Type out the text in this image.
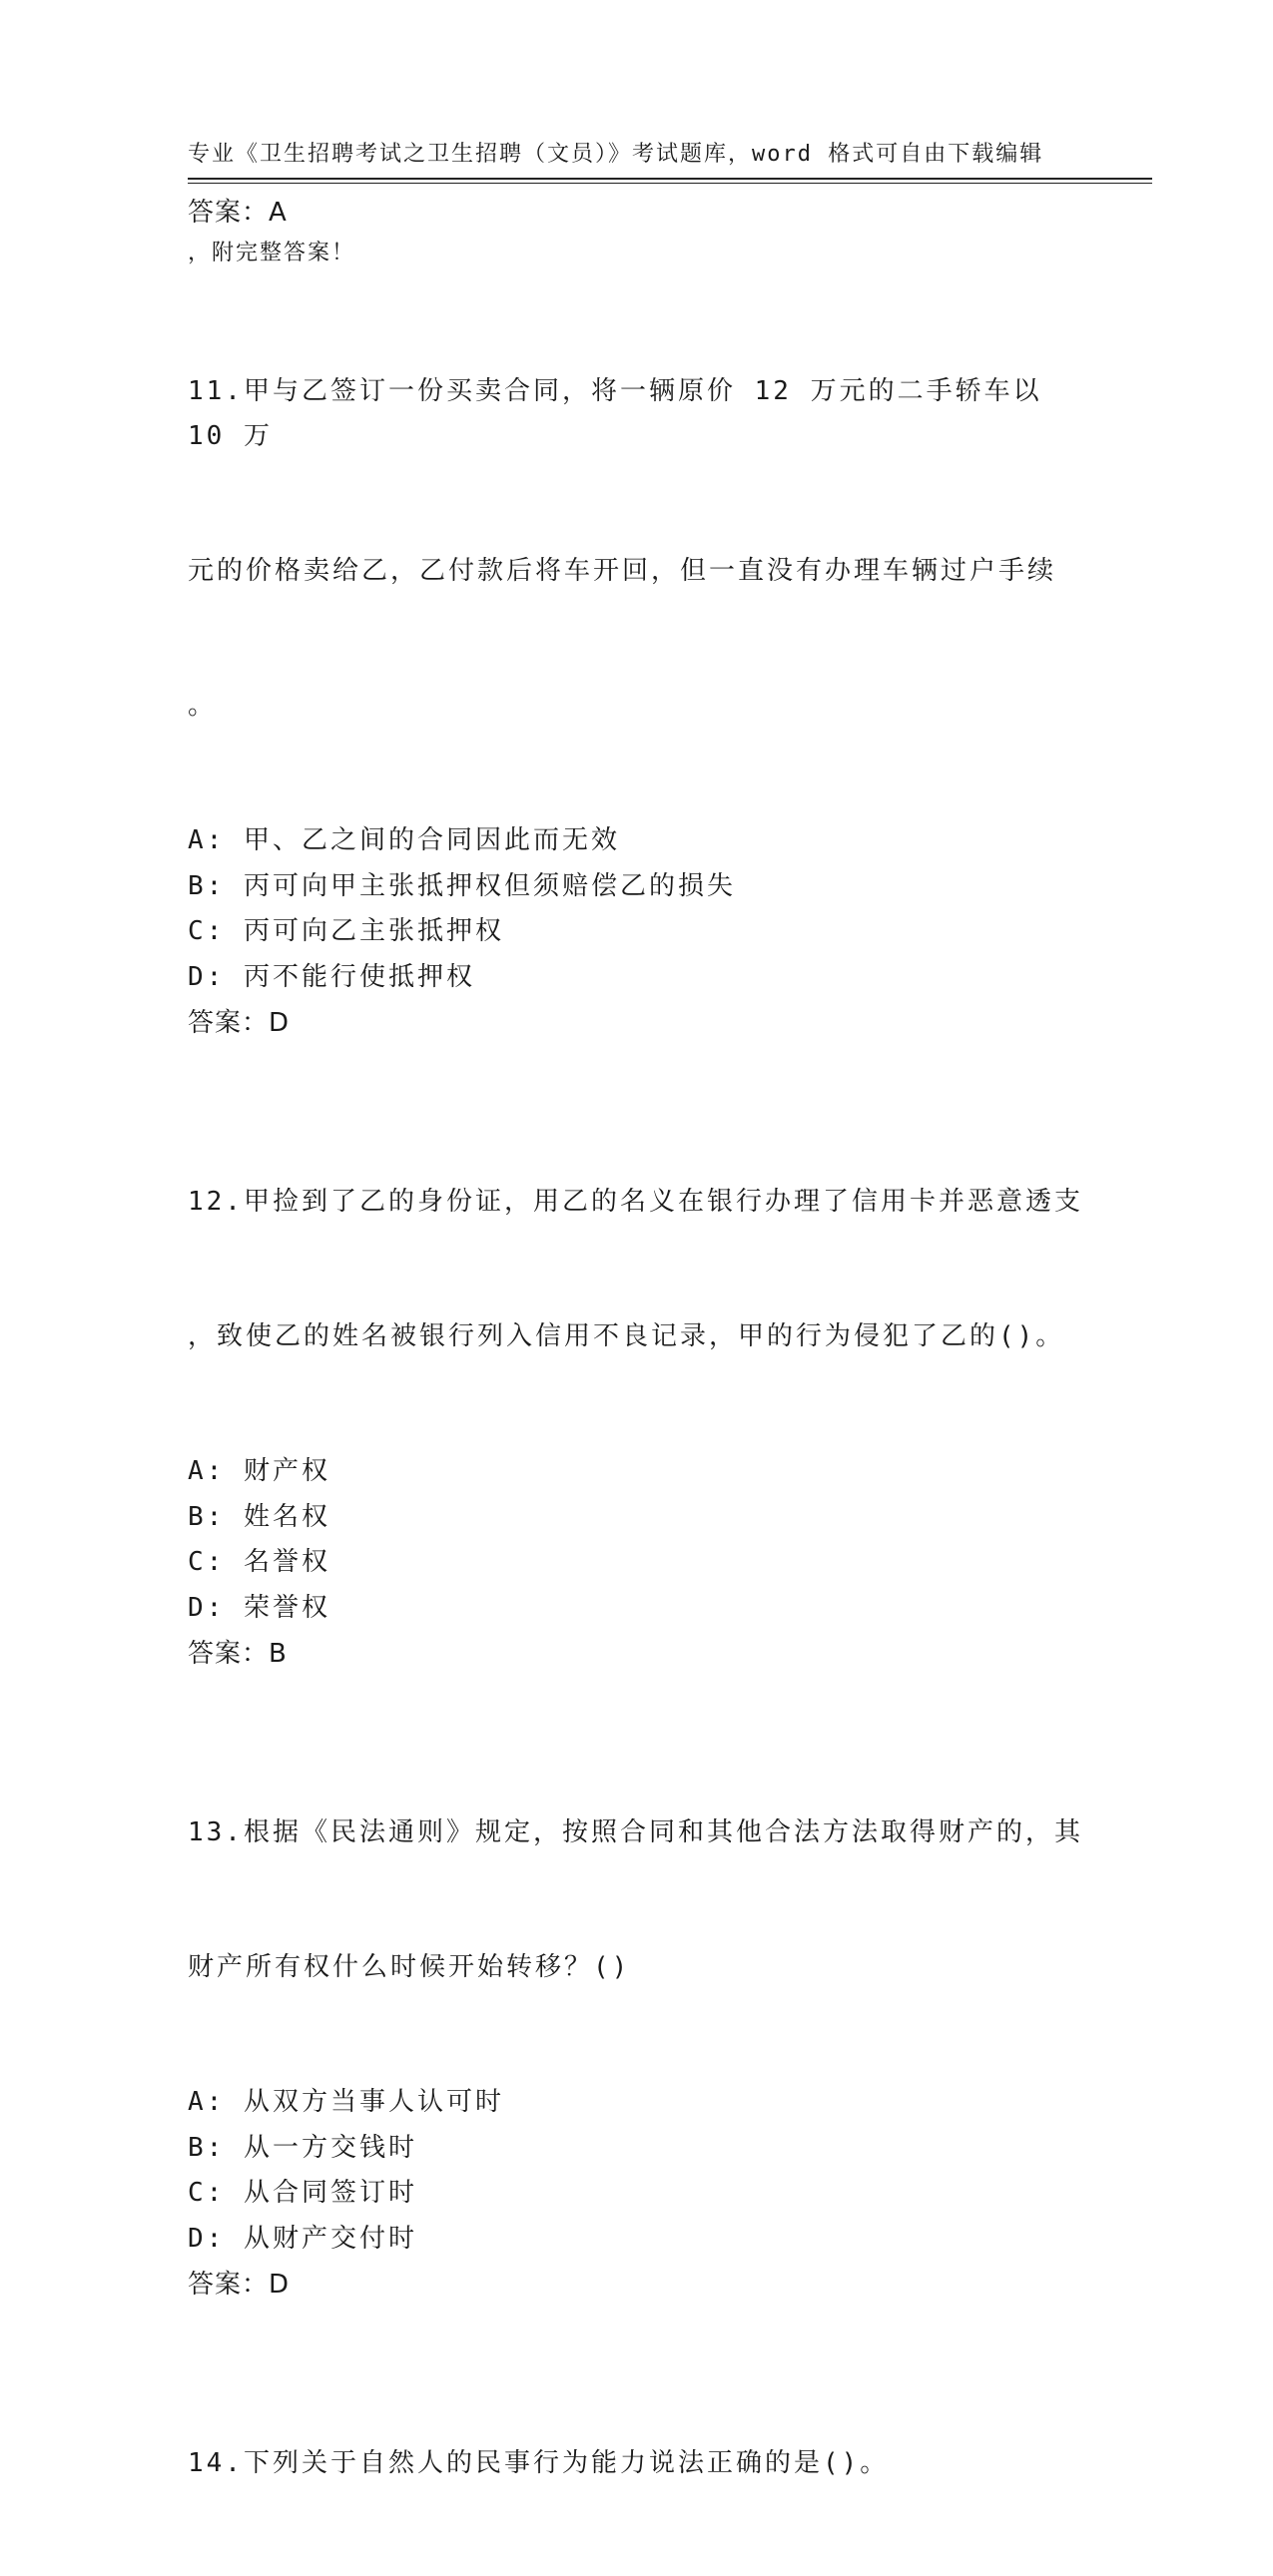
专业《卫生招聘考试之卫生招聘（文员）》考试题库，word 格式可自由下载编辑

，附完整答案！

答案：A

11.甲与乙签订一份买卖合同，将一辆原价 12 万元的二手轿车以 10 万

元的价格卖给乙，乙付款后将车开回，但一直没有办理车辆过户手续

。

A: 甲、乙之间的合同因此而无效
B: 丙可向甲主张抵押权但须赔偿乙的损失
C: 丙可向乙主张抵押权
D: 丙不能行使抵押权
答案：D

12.甲捡到了乙的身份证，用乙的名义在银行办理了信用卡并恶意透支

，致使乙的姓名被银行列入信用不良记录，甲的行为侵犯了乙的()。

A: 财产权
B: 姓名权
C: 名誉权
D: 荣誉权
答案：B

13.根据《民法通则》规定，按照合同和其他合法方法取得财产的，其

财产所有权什么时候开始转移？()

A: 从双方当事人认可时
B: 从一方交钱时
C: 从合同签订时
D: 从财产交付时
答案：D

14.下列关于自然人的民事行为能力说法正确的是()。
